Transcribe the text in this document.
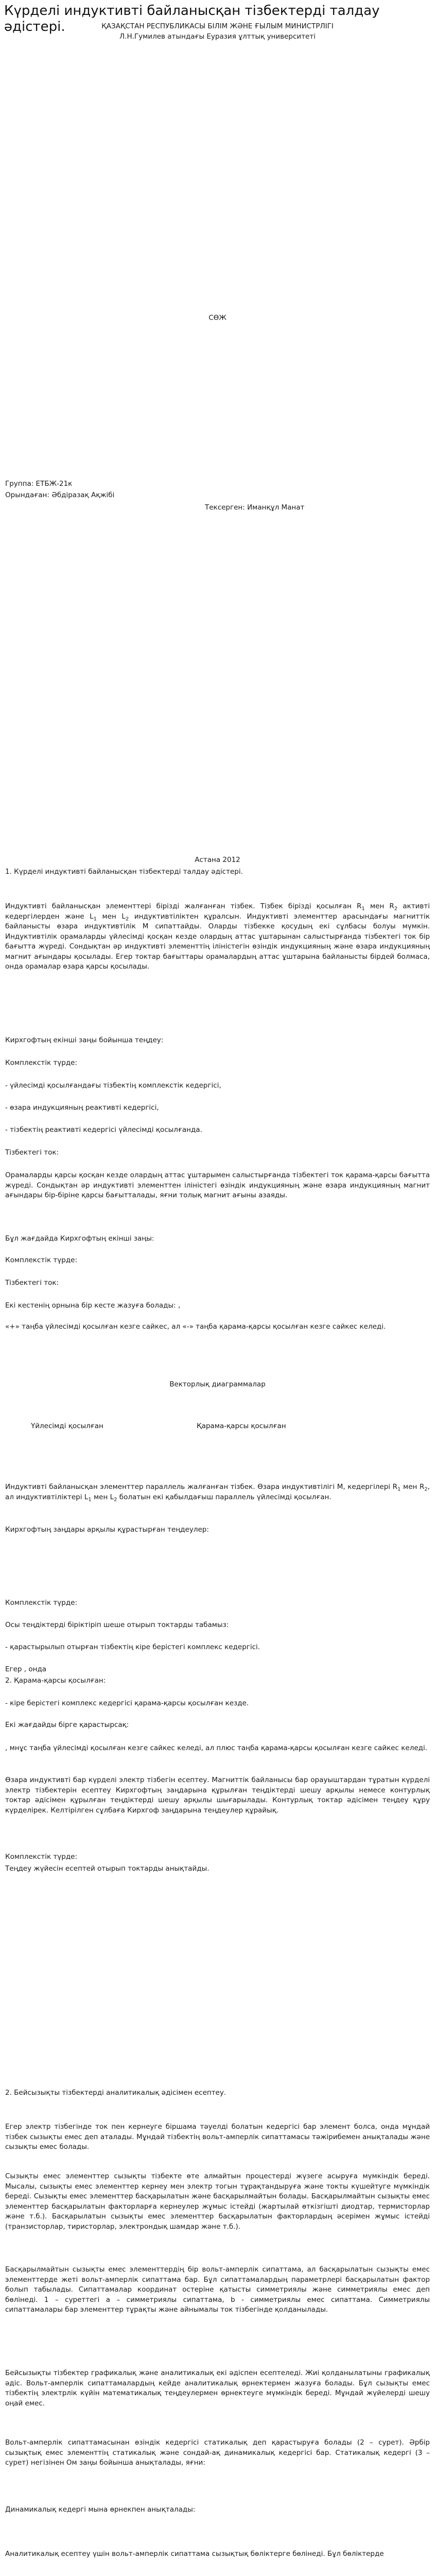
Күрделі индуктивті байланысқан тізбектерді талдау әдістері.	ҚАЗАҚСТАН РЕСПУБЛИКАСЫ БІЛІМ ЖӘНЕ ҒЫЛЫМ МИНИСТРЛІГІ

Л.Н.Гумилев атындағы Еуразия ұлттық университеті

СӨЖ

Группа: ЕТБЖ-21к

Орындаған: Әбдіразақ Ақжібі

Тексерген: Иманқұл Манат

Астана 2012

1. Күрделі индуктивті байланысқан тізбектерді талдау әдістері.

Индуктивті байланысқан элементтері бірізді жалғанған тізбек. Тізбек бірізді қосылған $R_1$ мен $R_2$ активті кедергілерден және $L_1$ мен $L_2$ индуктивтіліктен құралсын. Индуктивті элементтер арасындағы магниттік байланысты өзара индуктивтілік М сипаттайды. Оларды тізбекке қосудың екі сұлбасы болуы мүмкін. Индуктивтілік орамаларды үйлесімді қосқан кезде олардың аттас ұштарынан салыстырғанда тізбектегі ток бір бағытта жүреді. Сондықтан әр индуктивті элементтің іліністегін өзіндік индукцияның және өзара индукцияның магнит ағындары қосылады. Егер токтар бағыттары орамалардың аттас ұштарына байланысты бірдей болмаса, онда орамалар өзара қарсы қосылады.

Кирхгофтың екінші заңы бойынша теңдеу:

Комплекстік түрде:

- үйлесімді қосылғандағы тізбектің комплекстік кедергісі,

- өзара индукцияның реактивті кедергісі,

- тізбектің реактивті кедергісі үйлесімді қосылғанда.

Тізбектегі ток:

Орамаларды қарсы қосқан кезде олардың аттас ұштарымен салыстырғанда тізбектегі ток қарама-қарсы бағытта жүреді. Сондықтан әр индуктивті элементтен іліністегі өзіндік индукцияның және өзара индукцияның магнит ағындары бір-біріне қарсы бағытталады, яғни толық магнит ағыны азаяды.

Бұл жағдайда Кирхгофтың екінші заңы:

Комплекстік түрде:

Тізбектегі ток:

Екі кестенің орнына бір кесте жазуға болады: ,

«+» таңба үйлесімді қосылған кезге сайкес, ал «-» таңба қарама-қарсы қосылған кезге сайкес келеді.

Векторлық диаграммалар

Үйлесімді қосылған	Қарама-қарсы қосылған

Индуктивті байланысқан элементтер параллель жалғанған тізбек. Өзара индуктивтілігі М, кедергілері $R_1$ мен $R_2$, ал индуктивтіліктері $L_1$ мен $L_2$ болатын екі қабылдағыш параллель үйлесімді қосылған.

Кирхгофтың заңдары арқылы құрастырған теңдеулер:

Комплекстік түрде:

Осы теңдіктерді біріктіріп шешe отырып токтарды табамыз:

- қарастырылып отырған тізбектің кіре берістегі комплекс кедергісі.

Егер , онда

2. Қарама-қарсы қосылған:

- кіре берістегі комплекс кедергісі қарама-қарсы қосылған кезде.

Екі жағдайды бірге қарастырсақ:

, мнұс таңба үйлесімді қосылған кезге сайкес келеді, ал плюс таңба қарама-қарсы қосылған кезге сайкес келеді.

Өзара индуктивті бар күрделі электр тізбегін есептеу. Магниттік байланысы бар орауыштардан тұратын күрделі электр тізбектерін есептеу Кирхгофтың заңдарына құрылған теңдіктерді шешу арқылы немесе контурлық токтар әдісімен құрылған теңдіктерді шешу арқылы шығарылады. Контурлық токтар әдісімен теңдеу құру күрделірек. Келтірілген сұлбаға Кирхгоф заңдарына теңдеулер құрайық.

Комплекстік түрде:

Теңдеу жүйесін есептей отырып токтарды анықтайды.

2. Бейсызықты тізбектерді аналитикалық әдісімен есептеу.

Егер электр тізбегінде ток пен кернеуге біршама тәуелді болатын кедергісі бар элемент болса, онда мұндай тізбек сызықты емес деп аталады. Мұндай тізбектің вольт-амперлік сипаттамасы тәжірибемен анықталады және сызықты емес болады.

Сызықты емес элементтер сызықты тізбекте өте алмайтын процестерді жүзеге асыруға мүмкіндік береді. Мысалы, сызықты емес элементтер кернеу мен электр тогын тұрақтандыруға және токты күшейтуге мүмкіндік береді. Сызықты емес элементтер басқарылатын және басқарылмайтын болады. Басқарылмайтын сызықты емес элементтер басқарылатын факторларға кернеулер жұмыс істейді (жартылай өткізгішті диодтар, термисторлар және т.б.). Басқарылатын сызықты емес элементтер басқарылатын факторлардың әсерімен жұмыс істейді (транзисторлар, тиристорлар, электрондық шамдар және т.б.).

Басқарылмайтын сызықты емес элементтердің бір вольт-амперлік сипаттама, ал басқарылатын сызықты емес элементтерде жеті вольт-амперлік сипаттама бар. Бұл сипаттамалардың параметрлері басқарылатын фактор болып табылады. Сипаттамалар координат остеріне қатысты симметриялы және симметриялы емес деп бөлінеді. 1 – суреттегі а – симметриялы сипаттама, b - симметриялы емес сипаттама. Симметриялы сипаттамалары бар элементтер тұрақты және айнымалы ток тізбегінде қолданылады.

Бейсызықты тізбектер графикалық және аналитикалық екі әдіспен есептеледі. Жиі қолданылатыны графикалық әдіс. Вольт-амперлік сипаттамалардың кейде аналитикалық өрнектермен жазуға болады. Бұл сызықты емес тізбектің электрлік күйін математикалық теңдеулермен өрнектеуге мүмкіндік береді. Мұндай жүйелерді шешу оңай емес.

Вольт-амперлік сипаттамасынан өзіндік кедергісі статикалық деп қарастыруға болады (2 – сурет). Әрбір сызықтық емес элементтің статикалық және сондай-ақ динамикалық кедергісі бар. Статикалық кедергі (3 – сурет) негізінен Ом заңы бойынша анықталады, яғни:

Динамикалық кедергі мына өрнекпен анықталады:

Аналитикалық есептеу үшін вольт-амперлік сипаттама сызықтық бөліктерге бөлінеді. Бұл бөліктерде
